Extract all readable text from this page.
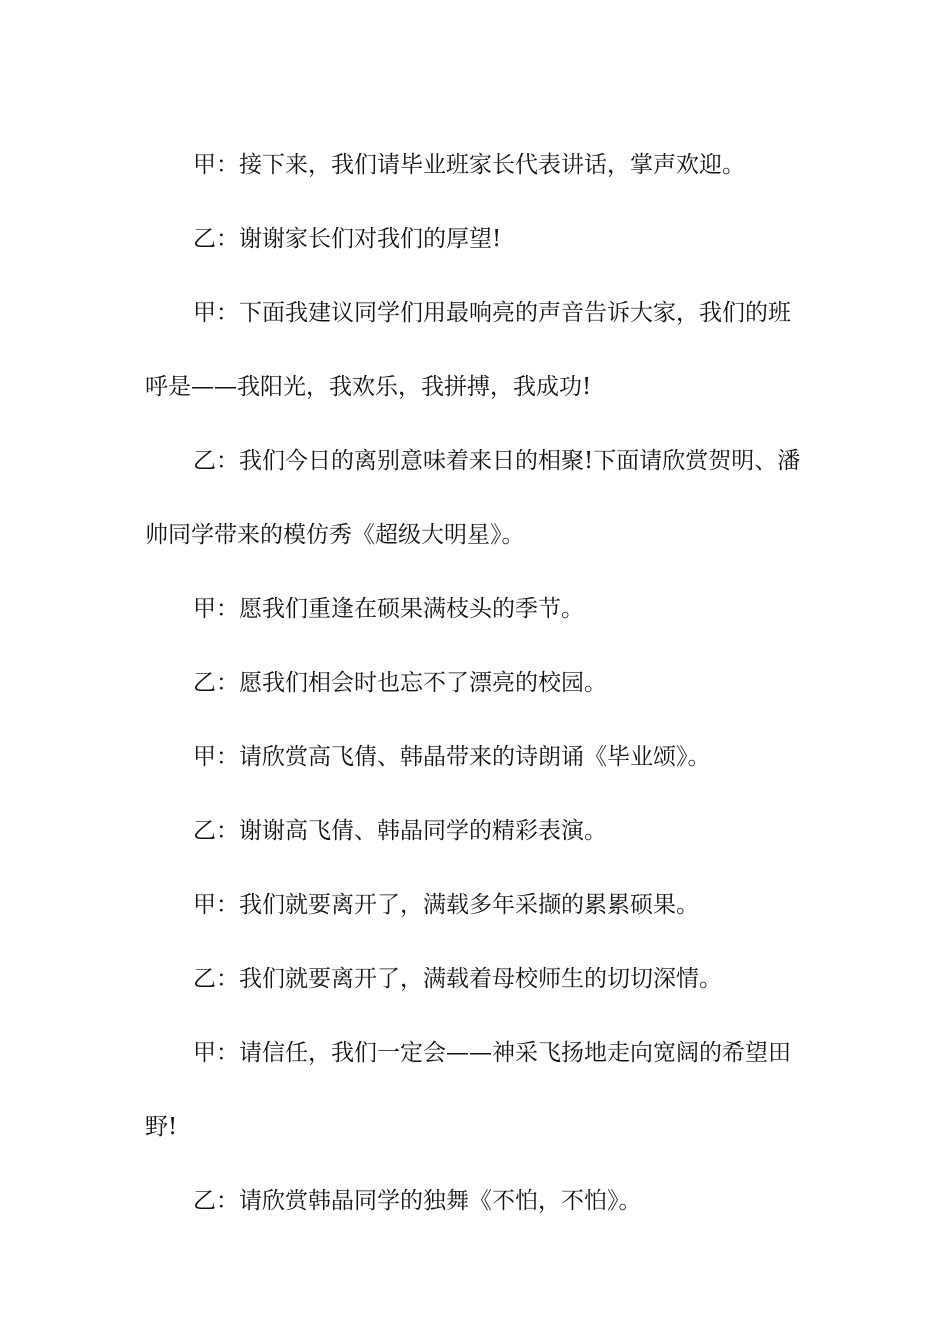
甲：接下来，我们请毕业班家长代表讲话，掌声欢迎。

乙：谢谢家长们对我们的厚望!

甲：下面我建议同学们用最响亮的声音告诉大家，我们的班呼是——我阳光，我欢乐，我拼搏，我成功!

乙：我们今日的离别意味着来日的相聚!下面请欣赏贺明、潘帅同学带来的模仿秀《超级大明星》。

甲：愿我们重逢在硕果满枝头的季节。

乙：愿我们相会时也忘不了漂亮的校园。

甲：请欣赏高飞倩、韩晶带来的诗朗诵《毕业颂》。

乙：谢谢高飞倩、韩晶同学的精彩表演。

甲：我们就要离开了，满载多年采撷的累累硕果。

乙：我们就要离开了，满载着母校师生的切切深情。

甲：请信任，我们一定会——神采飞扬地走向宽阔的希望田野!

乙：请欣赏韩晶同学的独舞《不怕，不怕》。
